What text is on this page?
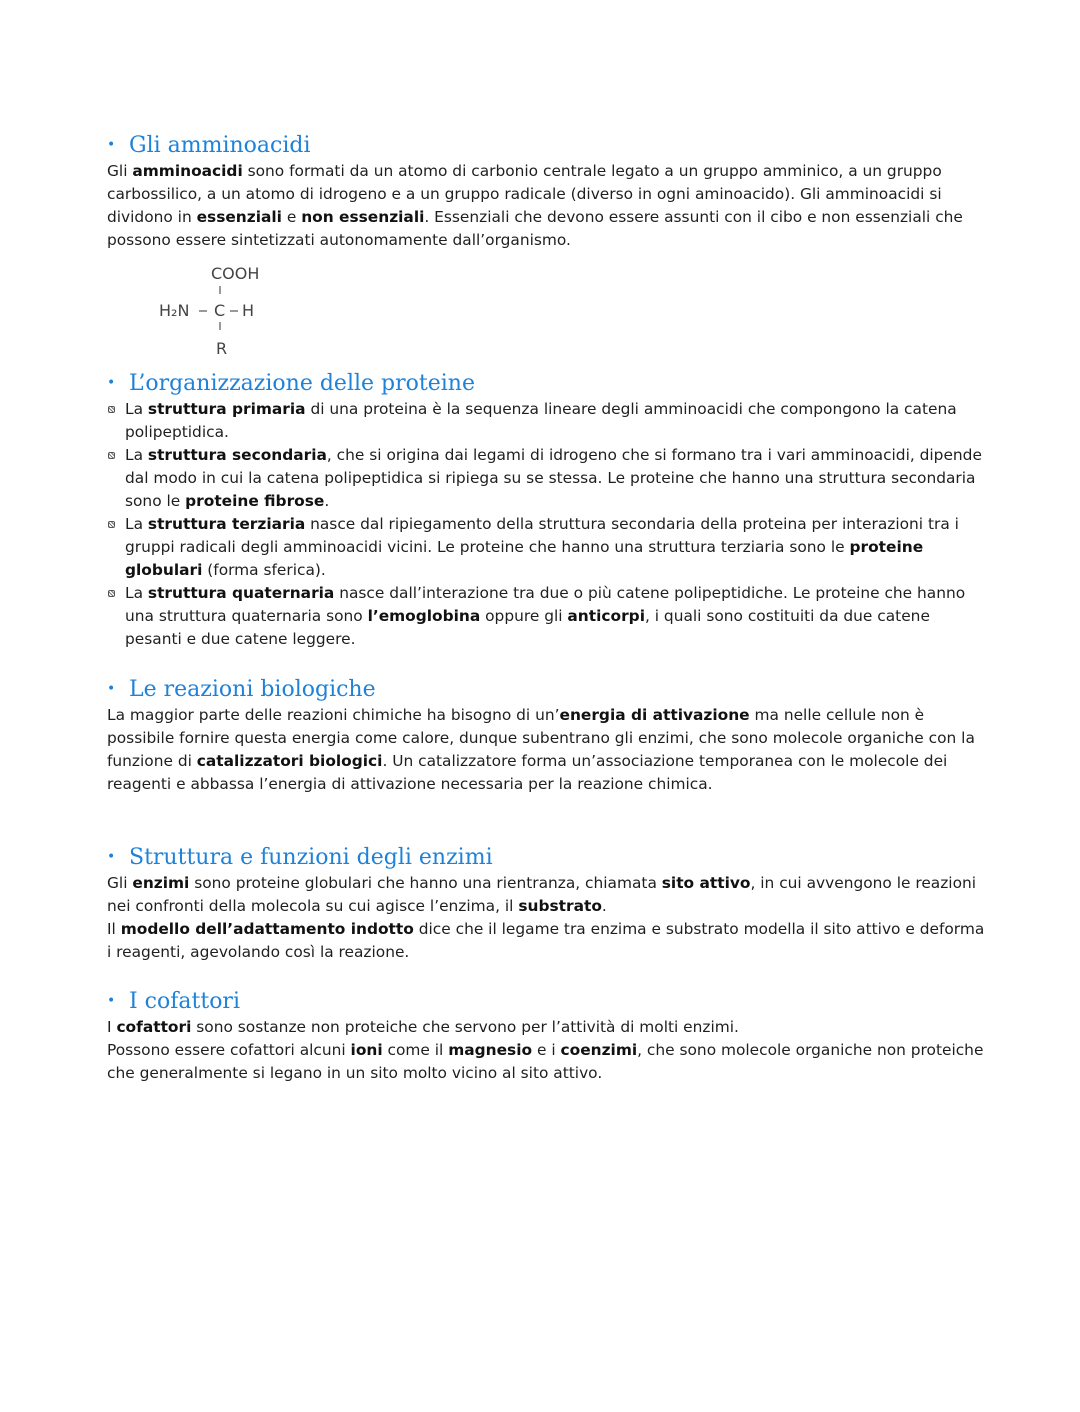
• Gli amminoacidi

Gli amminoacidi sono formati da un atomo di carbonio centrale legato a un gruppo amminico, a un gruppo carbossilico, a un atomo di idrogeno e a un gruppo radicale (diverso in ogni aminoacido). Gli amminoacidi si dividono in essenziali e non essenziali. Essenziali che devono essere assunti con il cibo e non essenziali che possono essere sintetizzati autonomamente dall’organismo.

COOH
H₂N C H
R
• L’organizzazione delle proteine
La struttura primaria di una proteina è la sequenza lineare degli amminoacidi che compongono la catena polipeptidica.
La struttura secondaria, che si origina dai legami di idrogeno che si formano tra i vari amminoacidi, dipende dal modo in cui la catena polipeptidica si ripiega su se stessa. Le proteine che hanno una struttura secondaria sono le proteine fibrose.
La struttura terziaria nasce dal ripiegamento della struttura secondaria della proteina per interazioni tra i gruppi radicali degli amminoacidi vicini. Le proteine che hanno una struttura terziaria sono le proteine globulari (forma sferica).
La struttura quaternaria nasce dall’interazione tra due o più catene polipeptidiche. Le proteine che hanno una struttura quaternaria sono l’emoglobina oppure gli anticorpi, i quali sono costituiti da due catene pesanti e due catene leggere.
• Le reazioni biologiche

La maggior parte delle reazioni chimiche ha bisogno di un’energia di attivazione ma nelle cellule non è possibile fornire questa energia come calore, dunque subentrano gli enzimi, che sono molecole organiche con la funzione di catalizzatori biologici. Un catalizzatore forma un’associazione temporanea con le molecole dei reagenti e abbassa l’energia di attivazione necessaria per la reazione chimica.

• Struttura e funzioni degli enzimi

Gli enzimi sono proteine globulari che hanno una rientranza, chiamata sito attivo, in cui avvengono le reazioni nei confronti della molecola su cui agisce l’enzima, il substrato.

Il modello dell’adattamento indotto dice che il legame tra enzima e substrato modella il sito attivo e deforma i reagenti, agevolando così la reazione.

• I cofattori

I cofattori sono sostanze non proteiche che servono per l’attività di molti enzimi.

Possono essere cofattori alcuni ioni come il magnesio e i coenzimi, che sono molecole organiche non proteiche che generalmente si legano in un sito molto vicino al sito attivo.
